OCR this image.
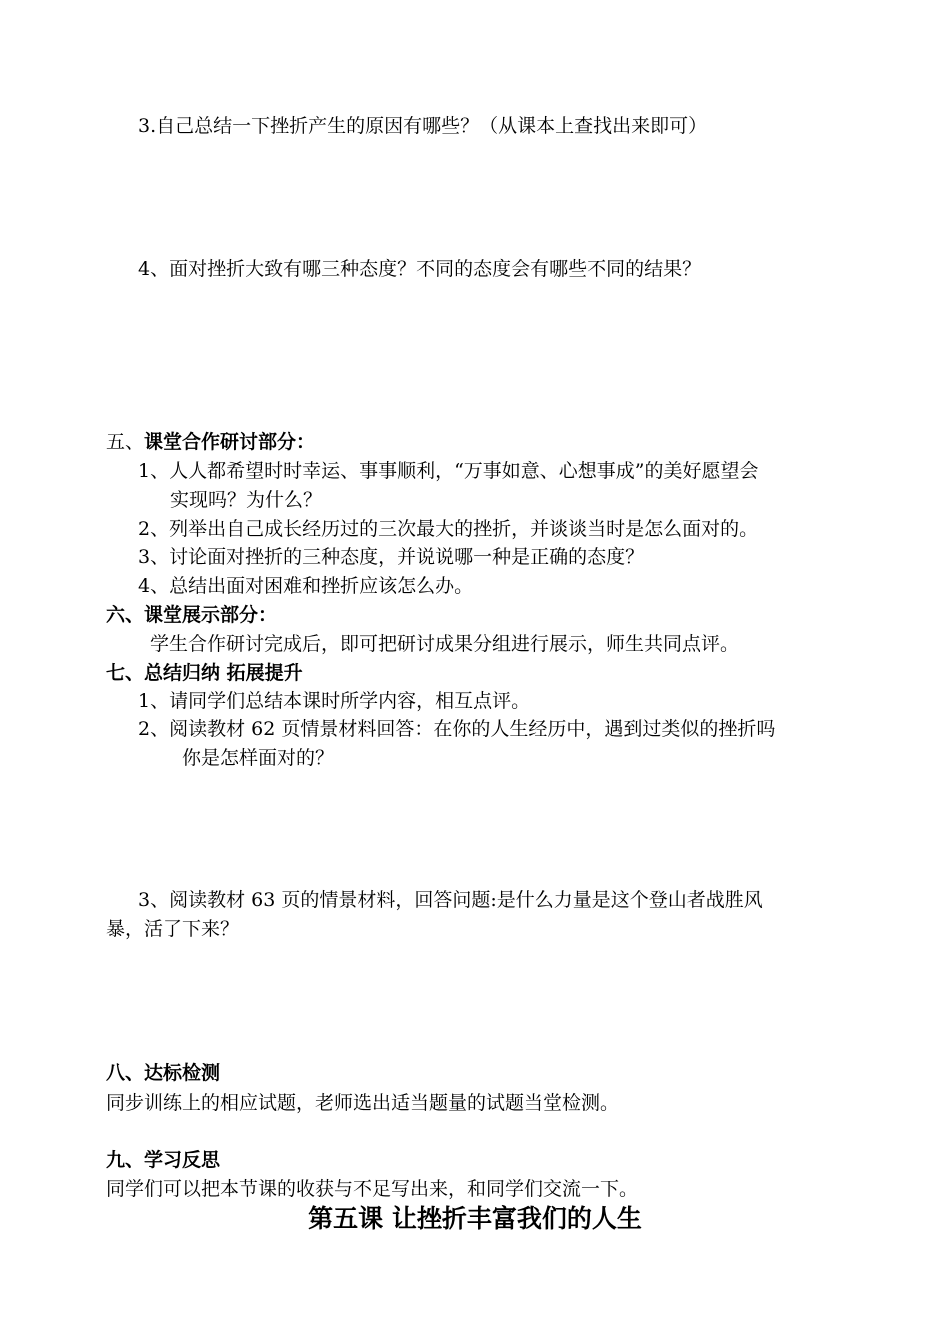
3.自己总结一下挫折产生的原因有哪些？（从课本上查找出来即可）
4、面对挫折大致有哪三种态度？不同的态度会有哪些不同的结果？
五、课堂合作研讨部分：
1、人人都希望时时幸运、事事顺利，“万事如意、心想事成”的美好愿望会
实现吗？为什么？
2、列举出自己成长经历过的三次最大的挫折，并谈谈当时是怎么面对的。
3、讨论面对挫折的三种态度，并说说哪一种是正确的态度？
4、总结出面对困难和挫折应该怎么办。
六、课堂展示部分：
学生合作研讨完成后，即可把研讨成果分组进行展示，师生共同点评。
七、总结归纳 拓展提升
1、请同学们总结本课时所学内容，相互点评。
2、阅读教材 62 页情景材料回答：在你的人生经历中，遇到过类似的挫折吗
你是怎样面对的？
3、阅读教材 63 页的情景材料，回答问题:是什么力量是这个登山者战胜风
暴，活了下来？
八、达标检测
同步训练上的相应试题，老师选出适当题量的试题当堂检测。
九、学习反思
同学们可以把本节课的收获与不足写出来，和同学们交流一下。
第五课 让挫折丰富我们的人生
